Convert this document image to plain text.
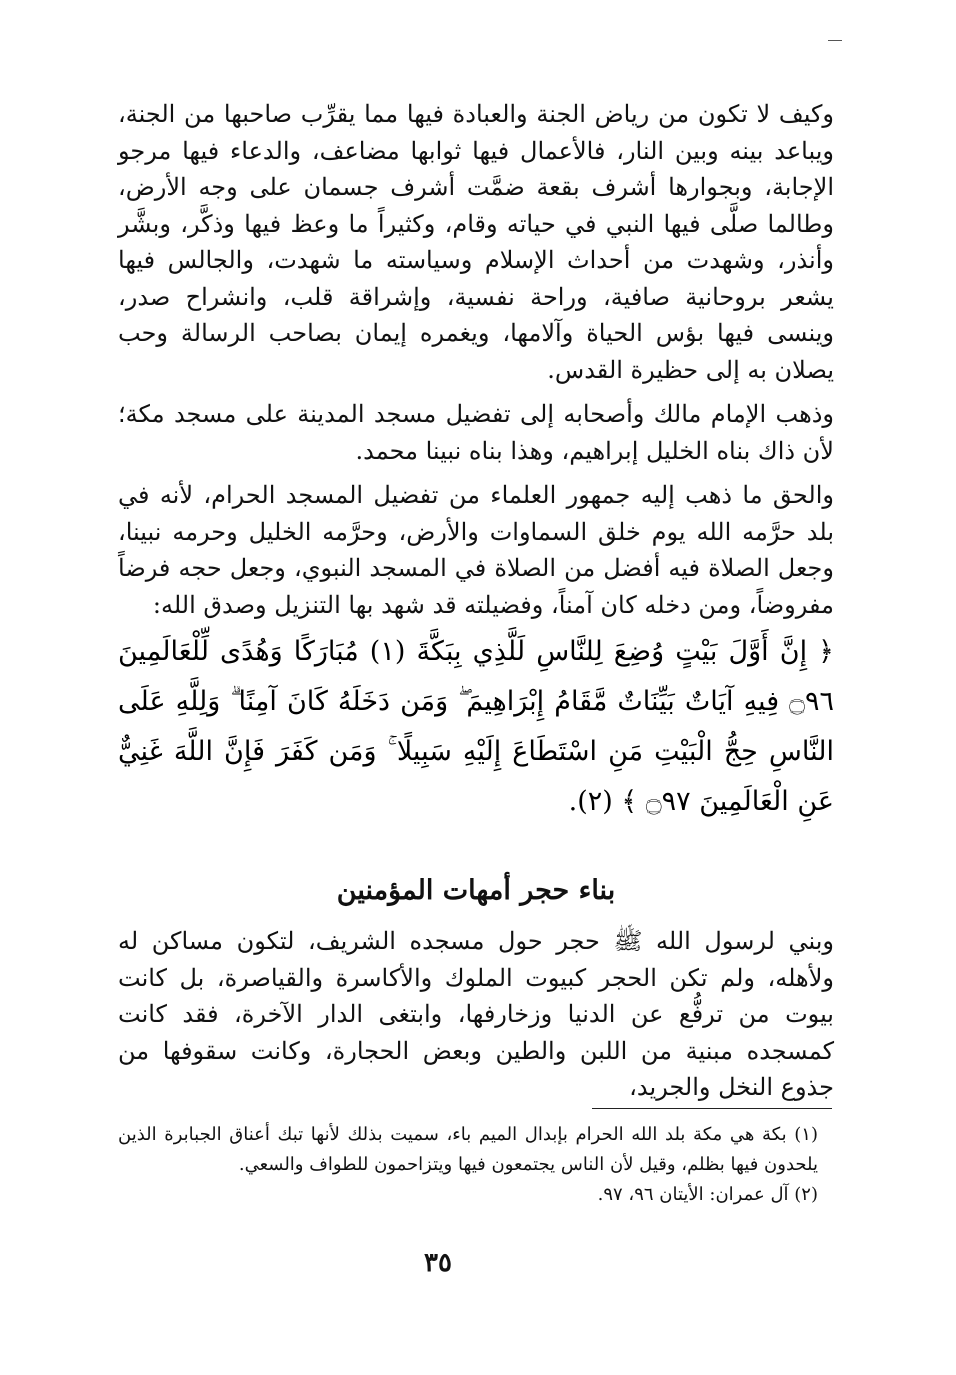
وكيف لا تكون من رياض الجنة والعبادة فيها مما يقرِّب صاحبها من الجنة، ويباعد بينه وبين النار، فالأعمال فيها ثوابها مضاعف، والدعاء فيها مرجو الإجابة، وبجوارها أشرف بقعة ضمَّت أشرف جسمان على وجه الأرض، وطالما صلَّى فيها النبي في حياته وقام، وكثيراً ما وعظ فيها وذكَّر، وبشَّر وأنذر، وشهدت من أحداث الإسلام وسياسته ما شهدت، والجالس فيها يشعر بروحانية صافية، وراحة نفسية، وإشراقة قلب، وانشراح صدر، وينسى فيها بؤس الحياة وآلامها، ويغمره إيمان بصاحب الرسالة وحب يصلان به إلى حظيرة القدس.

وذهب الإمام مالك وأصحابه إلى تفضيل مسجد المدينة على مسجد مكة؛ لأن ذاك بناه الخليل إبراهيم، وهذا بناه نبينا محمد.

والحق ما ذهب إليه جمهور العلماء من تفضيل المسجد الحرام، لأنه في بلد حرَّمه الله يوم خلق السماوات والأرض، وحرَّمه الخليل وحرمه نبينا، وجعل الصلاة فيه أفضل من الصلاة في المسجد النبوي، وجعل حجه فرضاً مفروضاً، ومن دخله كان آمناً، وفضيلته قد شهد بها التنزيل وصدق الله:

﴿ إِنَّ أَوَّلَ بَيْتٍ وُضِعَ لِلنَّاسِ لَلَّذِي بِبَكَّةَ (١) مُبَارَكًا وَهُدًى لِّلْعَالَمِينَ ۝٩٦ فِيهِ آيَاتٌ بَيِّنَاتٌ مَّقَامُ إِبْرَاهِيمَ ۖ وَمَن دَخَلَهُ كَانَ آمِنًا ۗ وَلِلَّهِ عَلَى النَّاسِ حِجُّ الْبَيْتِ مَنِ اسْتَطَاعَ إِلَيْهِ سَبِيلًا ۚ وَمَن كَفَرَ فَإِنَّ اللَّهَ غَنِيٌّ عَنِ الْعَالَمِينَ ۝٩٧ ﴾ (٢).

بناء حجر أمهات المؤمنين

وبني لرسول الله ﷺ حجر حول مسجده الشريف، لتكون مساكن له ولأهله، ولم تكن الحجر كبيوت الملوك والأكاسرة والقياصرة، بل كانت بيوت من ترفُّع عن الدنيا وزخارفها، وابتغى الدار الآخرة، فقد كانت كمسجده مبنية من اللبن والطين وبعض الحجارة، وكانت سقوفها من جذوع النخل والجريد،

(١) بكة هي مكة بلد الله الحرام بإبدال الميم باء، سميت بذلك لأنها تبك أعناق الجبابرة الذين يلحدون فيها بظلم، وقيل لأن الناس يجتمعون فيها ويتزاحمون للطواف والسعي.

(٢) آل عمران: الأيتان ٩٦، ٩٧.

٣٥
